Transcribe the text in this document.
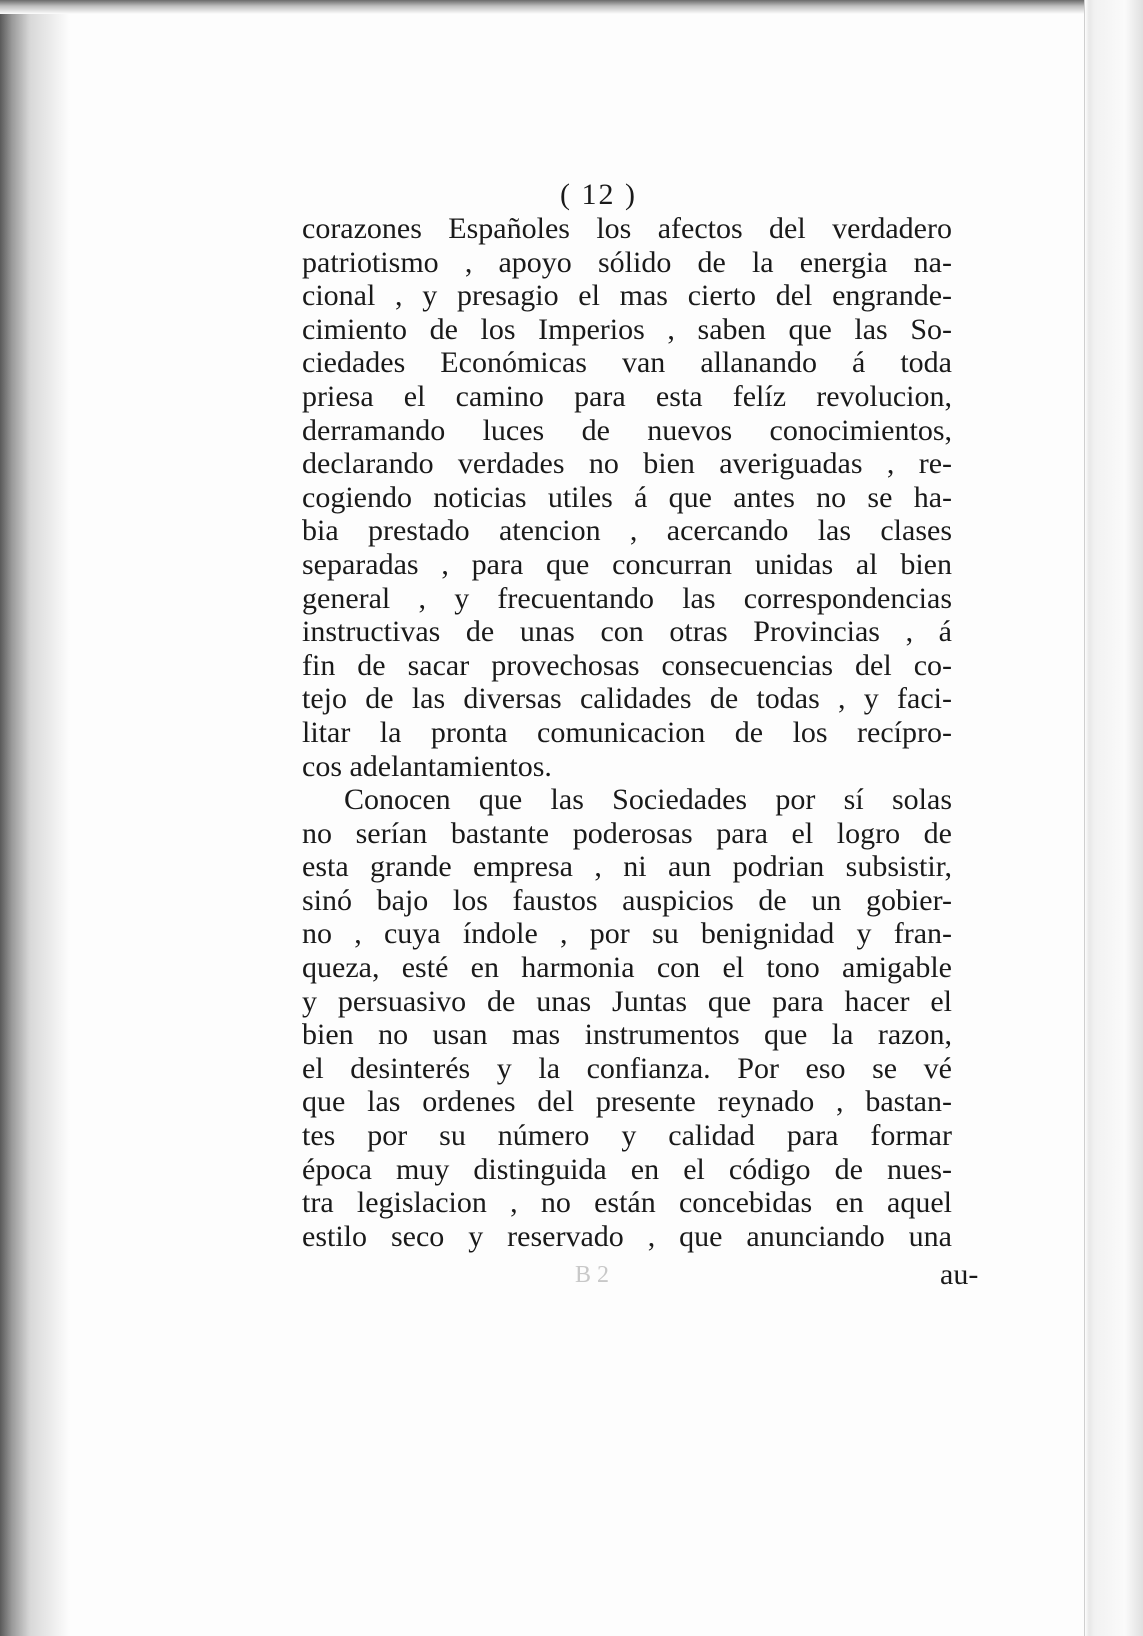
( 12 )
corazones Españoles los afectos del verdadero
patriotismo , apoyo sólido de la energia na-
cional , y presagio el mas cierto del engrande-
cimiento de los Imperios , saben que las So-
ciedades Económicas van allanando á toda
priesa el camino para esta felíz revolucion,
derramando luces de nuevos conocimientos,
declarando verdades no bien averiguadas , re-
cogiendo noticias utiles á que antes no se ha-
bia prestado atencion , acercando las clases
separadas , para que concurran unidas al bien
general , y frecuentando las correspondencias
instructivas de unas con otras Provincias , á
fin de sacar provechosas consecuencias del co-
tejo de las diversas calidades de todas , y faci-
litar la pronta comunicacion de los recípro-
cos adelantamientos.
Conocen que las Sociedades por sí solas
no serían bastante poderosas para el logro de
esta grande empresa , ni aun podrian subsistir,
sinó bajo los faustos auspicios de un gobier-
no , cuya índole , por su benignidad y fran-
queza, esté en harmonia con el tono amigable
y persuasivo de unas Juntas que para hacer el
bien no usan mas instrumentos que la razon,
el desinterés y la confianza. Por eso se vé
que las ordenes del presente reynado , bastan-
tes por su número y calidad para formar
época muy distinguida en el código de nues-
tra legislacion , no están concebidas en aquel
estilo seco y reservado , que anunciando una
B 2	au-
